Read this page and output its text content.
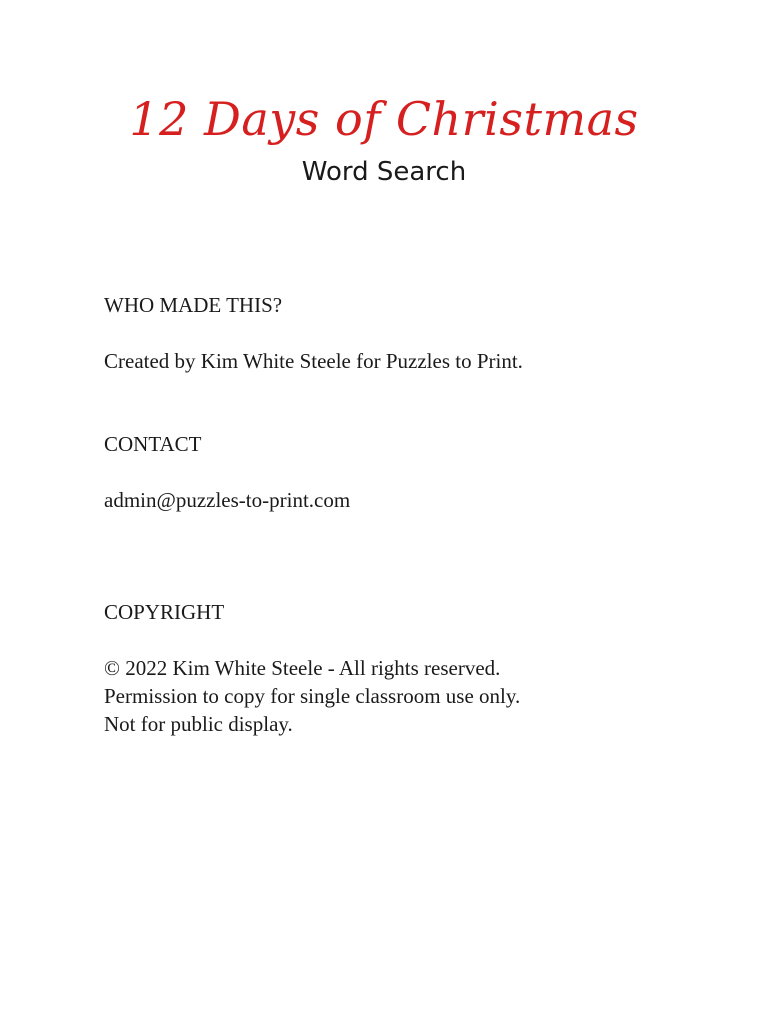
12 Days of Christmas
Word Search

WHO MADE THIS?

Created by Kim White Steele for Puzzles to Print.

CONTACT

admin@puzzles-to-print.com

COPYRIGHT

© 2022 Kim White Steele - All rights reserved.
Permission to copy for single classroom use only.
Not for public display.
